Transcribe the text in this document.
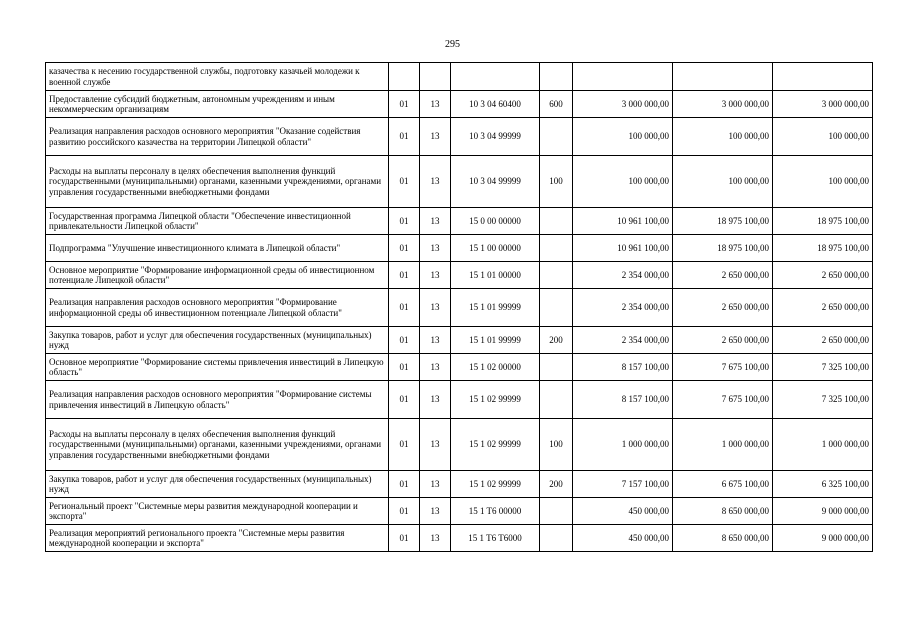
295
казачества к несению государственной службы, подготовку казачьей молодежи к военной службе							
Предоставление субсидий бюджетным, автономным учреждениям и иным некоммерческим организациям	01	13	10 3 04 60400	600	3 000 000,00	3 000 000,00	3 000 000,00
Реализация направления расходов основного мероприятия "Оказание содействия развитию российского казачества на территории Липецкой области"	01	13	10 3 04 99999		100 000,00	100 000,00	100 000,00
Расходы на выплаты персоналу в целях обеспечения выполнения функций государственными (муниципальными) органами, казенными учреждениями, органами управления государственными внебюджетными фондами	01	13	10 3 04 99999	100	100 000,00	100 000,00	100 000,00
Государственная программа Липецкой области "Обеспечение инвестиционной привлекательности Липецкой области"	01	13	15 0 00 00000		10 961 100,00	18 975 100,00	18 975 100,00
Подпрограмма "Улучшение инвестиционного климата в Липецкой области"	01	13	15 1 00 00000		10 961 100,00	18 975 100,00	18 975 100,00
Основное мероприятие "Формирование информационной среды об инвестиционном потенциале Липецкой области"	01	13	15 1 01 00000		2 354 000,00	2 650 000,00	2 650 000,00
Реализация направления расходов основного мероприятия "Формирование информационной среды об инвестиционном потенциале Липецкой области"	01	13	15 1 01 99999		2 354 000,00	2 650 000,00	2 650 000,00
Закупка товаров, работ и услуг для обеспечения государственных (муниципальных) нужд	01	13	15 1 01 99999	200	2 354 000,00	2 650 000,00	2 650 000,00
Основное мероприятие "Формирование системы привлечения инвестиций в Липецкую область"	01	13	15 1 02 00000		8 157 100,00	7 675 100,00	7 325 100,00
Реализация направления расходов основного мероприятия "Формирование системы привлечения инвестиций в Липецкую область"	01	13	15 1 02 99999		8 157 100,00	7 675 100,00	7 325 100,00
Расходы на выплаты персоналу в целях обеспечения выполнения функций государственными (муниципальными) органами, казенными учреждениями, органами управления государственными внебюджетными фондами	01	13	15 1 02 99999	100	1 000 000,00	1 000 000,00	1 000 000,00
Закупка товаров, работ и услуг для обеспечения государственных (муниципальных) нужд	01	13	15 1 02 99999	200	7 157 100,00	6 675 100,00	6 325 100,00
Региональный проект "Системные меры развития международной кооперации и экспорта"	01	13	15 1 T6 00000		450 000,00	8 650 000,00	9 000 000,00
Реализация мероприятий регионального проекта "Системные меры развития международной кооперации и экспорта"	01	13	15 1 T6 T6000		450 000,00	8 650 000,00	9 000 000,00
